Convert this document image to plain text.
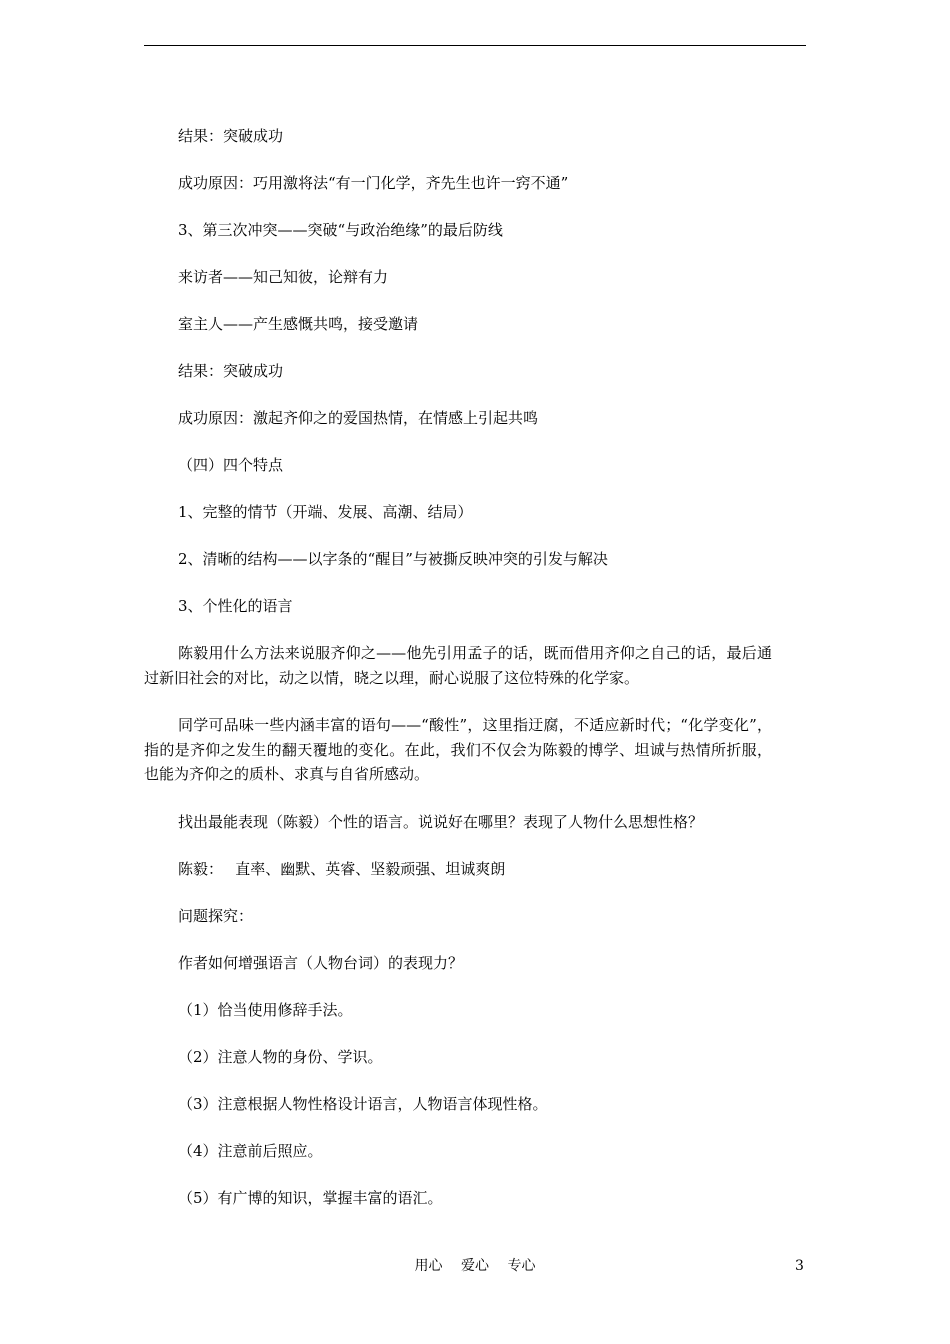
结果：突破成功

成功原因：巧用激将法“有一门化学，齐先生也许一窍不通”

3、第三次冲突——突破“与政治绝缘”的最后防线

来访者——知己知彼，论辩有力

室主人——产生感慨共鸣，接受邀请

结果：突破成功

成功原因：激起齐仰之的爱国热情，在情感上引起共鸣

（四）四个特点

1、完整的情节（开端、发展、高潮、结局）

2、清晰的结构——以字条的“醒目”与被撕反映冲突的引发与解决

3、个性化的语言

陈毅用什么方法来说服齐仰之——他先引用孟子的话，既而借用齐仰之自己的话，最后通过新旧社会的对比，动之以情，晓之以理，耐心说服了这位特殊的化学家。

同学可品味一些内涵丰富的语句——“酸性”，这里指迂腐，不适应新时代；“化学变化”，指的是齐仰之发生的翻天覆地的变化。在此，我们不仅会为陈毅的博学、坦诚与热情所折服，也能为齐仰之的质朴、求真与自省所感动。

找出最能表现（陈毅）个性的语言。说说好在哪里？表现了人物什么思想性格？

陈毅：　 直率、幽默、英睿、坚毅顽强、坦诚爽朗

问题探究：

作者如何增强语言（人物台词）的表现力？

（1）恰当使用修辞手法。

（2）注意人物的身份、学识。

（3）注意根据人物性格设计语言，人物语言体现性格。

（4）注意前后照应。

（5）有广博的知识，掌握丰富的语汇。

用心 爱心 专心	3
